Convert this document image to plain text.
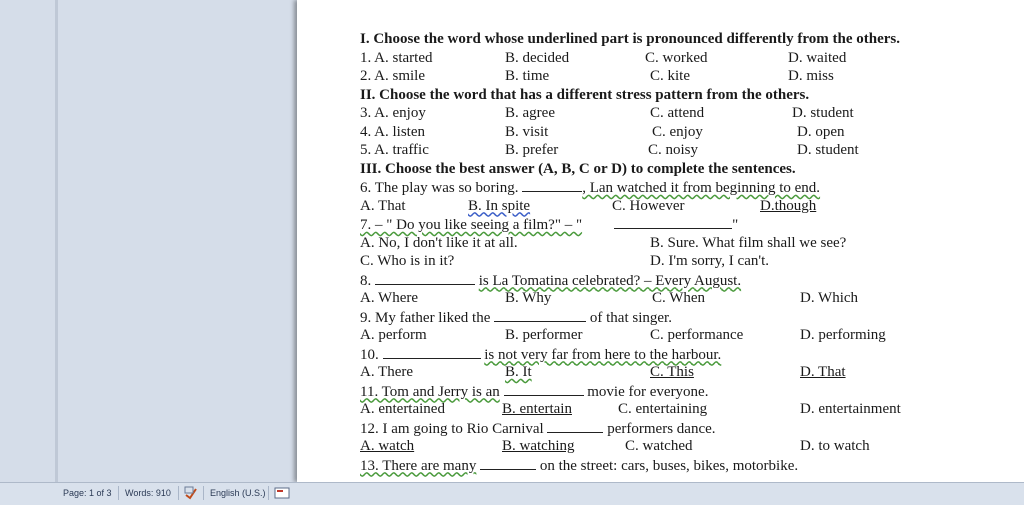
I. Choose the word whose underlined part is pronounced differently from the others.
1. A. started	B. decided	C. worked	D. waited
2. A. smile	B. time	C. kite	D. miss
II. Choose the word that has a different stress pattern from the others.
3. A. enjoy	B. agree	C. attend	D. student
4. A. listen	B. visit	C. enjoy	D. open
5. A. traffic	B. prefer	C. noisy	D. student
III. Choose the best answer (A, B, C or D) to complete the sentences.
6. The play was so boring.	, Lan watched it from beginning to end.
A. That	B. In spite	C. However	D.though
7. – " Do you like seeing a film?" – "	"
A. No, I don't like it at all.	B. Sure. What film shall we see?
C. Who is in it?	D. I'm sorry, I can't.
8.	is La Tomatina celebrated? – Every August.
A. Where	B. Why	C. When	D. Which
9. My father liked the	of that singer.
A. perform	B. performer	C. performance	D. performing
10.	is not very far from here to the harbour.
A. There	B. It	C. This	D. That
11. Tom and Jerry is an	movie for everyone.
A. entertained	B. entertain	C. entertaining	D. entertainment
12. I am going to Rio Carnival	performers dance.
A. watch	B. watching	C. watched	D. to watch
13. There are many	on the street: cars, buses, bikes, motorbike.
Page: 1 of 3 Words: 910	English (U.S.)
